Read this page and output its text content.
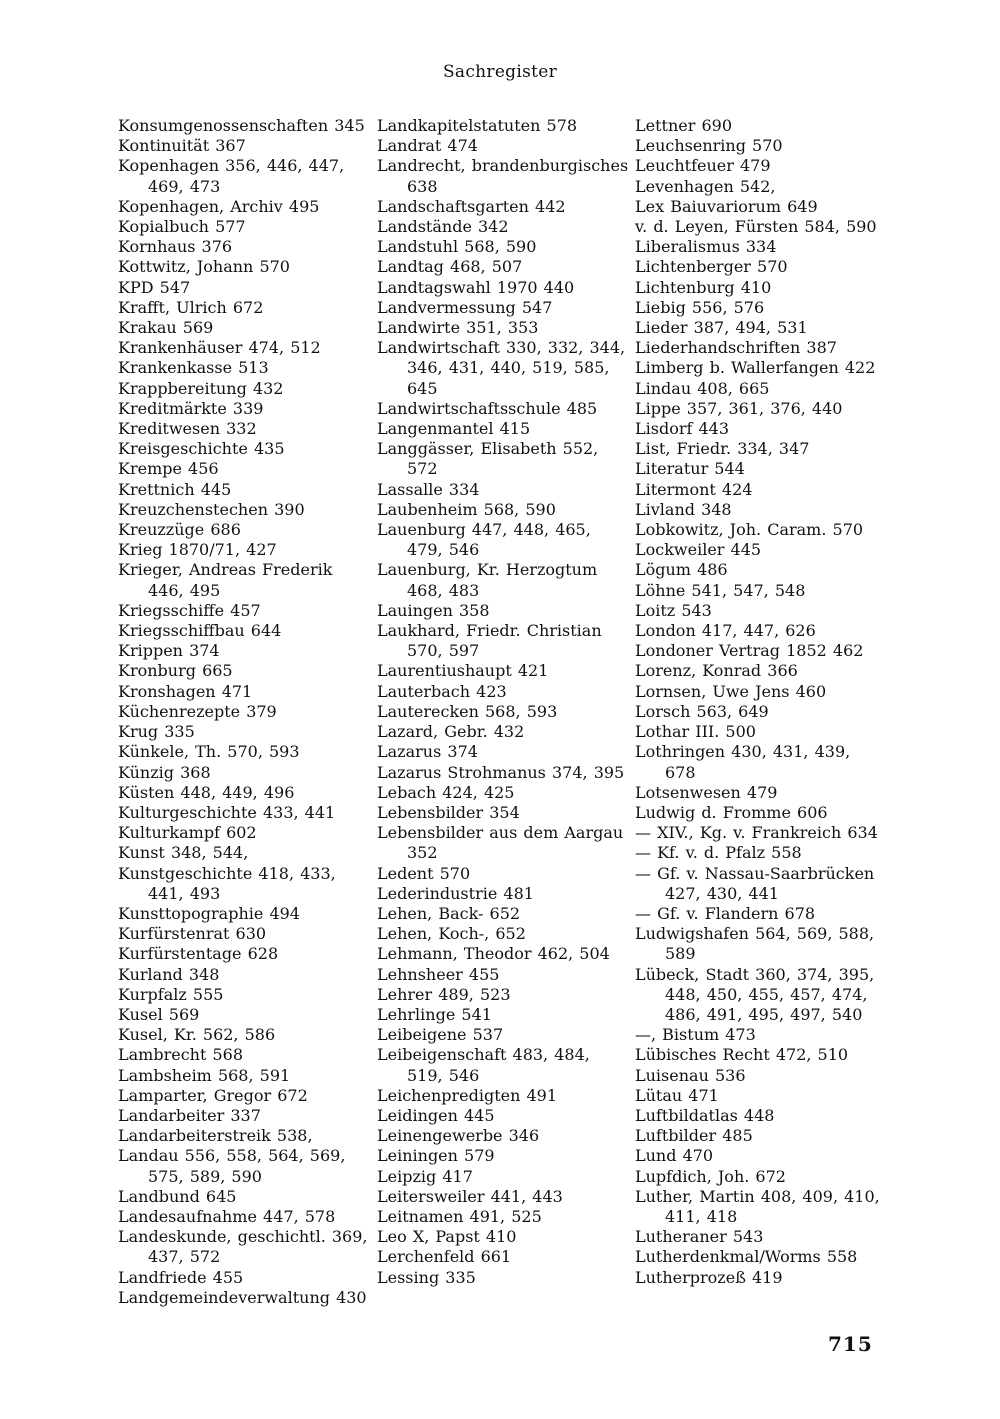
Sachregister
Konsumgenossenschaften 345
Kontinuität 367
Kopenhagen 356, 446, 447, 469, 473
Kopenhagen, Archiv 495
Kopialbuch 577
Kornhaus 376
Kottwitz, Johann 570
KPD 547
Krafft, Ulrich 672
Krakau 569
Krankenhäuser 474, 512
Krankenkasse 513
Krappbereitung 432
Kreditmärkte 339
Kreditwesen 332
Kreisgeschichte 435
Krempe 456
Krettnich 445
Kreuzchenstechen 390
Kreuzzüge 686
Krieg 1870/71, 427
Krieger, Andreas Frederik 446, 495
Kriegsschiffe 457
Kriegsschiffbau 644
Krippen 374
Kronburg 665
Kronshagen 471
Küchenrezepte 379
Krug 335
Künkele, Th. 570, 593
Künzig 368
Küsten 448, 449, 496
Kulturgeschichte 433, 441
Kulturkampf 602
Kunst 348, 544,
Kunstgeschichte 418, 433, 441, 493
Kunsttopographie 494
Kurfürstenrat 630
Kurfürstentage 628
Kurland 348
Kurpfalz 555
Kusel 569
Kusel, Kr. 562, 586
Lambrecht 568
Lambsheim 568, 591
Lamparter, Gregor 672
Landarbeiter 337
Landarbeiterstreik 538,
Landau 556, 558, 564, 569, 575, 589, 590
Landbund 645
Landesaufnahme 447, 578
Landeskunde, geschichtl. 369, 437, 572
Landfriede 455
Landgemeindeverwaltung 430
Landkapitelstatuten 578
Landrat 474
Landrecht, brandenburgisches 638
Landschaftsgarten 442
Landstände 342
Landstuhl 568, 590
Landtag 468, 507
Landtagswahl 1970 440
Landvermessung 547
Landwirte 351, 353
Landwirtschaft 330, 332, 344, 346, 431, 440, 519, 585, 645
Landwirtschaftsschule 485
Langenmantel 415
Langgässer, Elisabeth 552, 572
Lassalle 334
Laubenheim 568, 590
Lauenburg 447, 448, 465, 479, 546
Lauenburg, Kr. Herzogtum 468, 483
Lauingen 358
Laukhard, Friedr. Christian 570, 597
Laurentiushaupt 421
Lauterbach 423
Lauterecken 568, 593
Lazard, Gebr. 432
Lazarus 374
Lazarus Strohmanus 374, 395
Lebach 424, 425
Lebensbilder 354
Lebensbilder aus dem Aargau 352
Ledent 570
Lederindustrie 481
Lehen, Back- 652
Lehen, Koch-, 652
Lehmann, Theodor 462, 504
Lehnsheer 455
Lehrer 489, 523
Lehrlinge 541
Leibeigene 537
Leibeigenschaft 483, 484, 519, 546
Leichenpredigten 491
Leidingen 445
Leinengewerbe 346
Leiningen 579
Leipzig 417
Leitersweiler 441, 443
Leitnamen 491, 525
Leo X, Papst 410
Lerchenfeld 661
Lessing 335
Lettner 690
Leuchsenring 570
Leuchtfeuer 479
Levenhagen 542,
Lex Baiuvariorum 649
v. d. Leyen, Fürsten 584, 590
Liberalismus 334
Lichtenberger 570
Lichtenburg 410
Liebig 556, 576
Lieder 387, 494, 531
Liederhandschriften 387
Limberg b. Wallerfangen 422
Lindau 408, 665
Lippe 357, 361, 376, 440
Lisdorf 443
List, Friedr. 334, 347
Literatur 544
Litermont 424
Livland 348
Lobkowitz, Joh. Caram. 570
Lockweiler 445
Lögum 486
Löhne 541, 547, 548
Loitz 543
London 417, 447, 626
Londoner Vertrag 1852 462
Lorenz, Konrad 366
Lornsen, Uwe Jens 460
Lorsch 563, 649
Lothar III. 500
Lothringen 430, 431, 439, 678
Lotsenwesen 479
Ludwig d. Fromme 606
— XIV., Kg. v. Frankreich 634
— Kf. v. d. Pfalz 558
— Gf. v. Nassau-Saarbrücken 427, 430, 441
— Gf. v. Flandern 678
Ludwigshafen 564, 569, 588, 589
Lübeck, Stadt 360, 374, 395, 448, 450, 455, 457, 474, 486, 491, 495, 497, 540
—, Bistum 473
Lübisches Recht 472, 510
Luisenau 536
Lütau 471
Luftbildatlas 448
Luftbilder 485
Lund 470
Lupfdich, Joh. 672
Luther, Martin 408, 409, 410, 411, 418
Lutheraner 543
Lutherdenkmal/Worms 558
Lutherprozeß 419
715
